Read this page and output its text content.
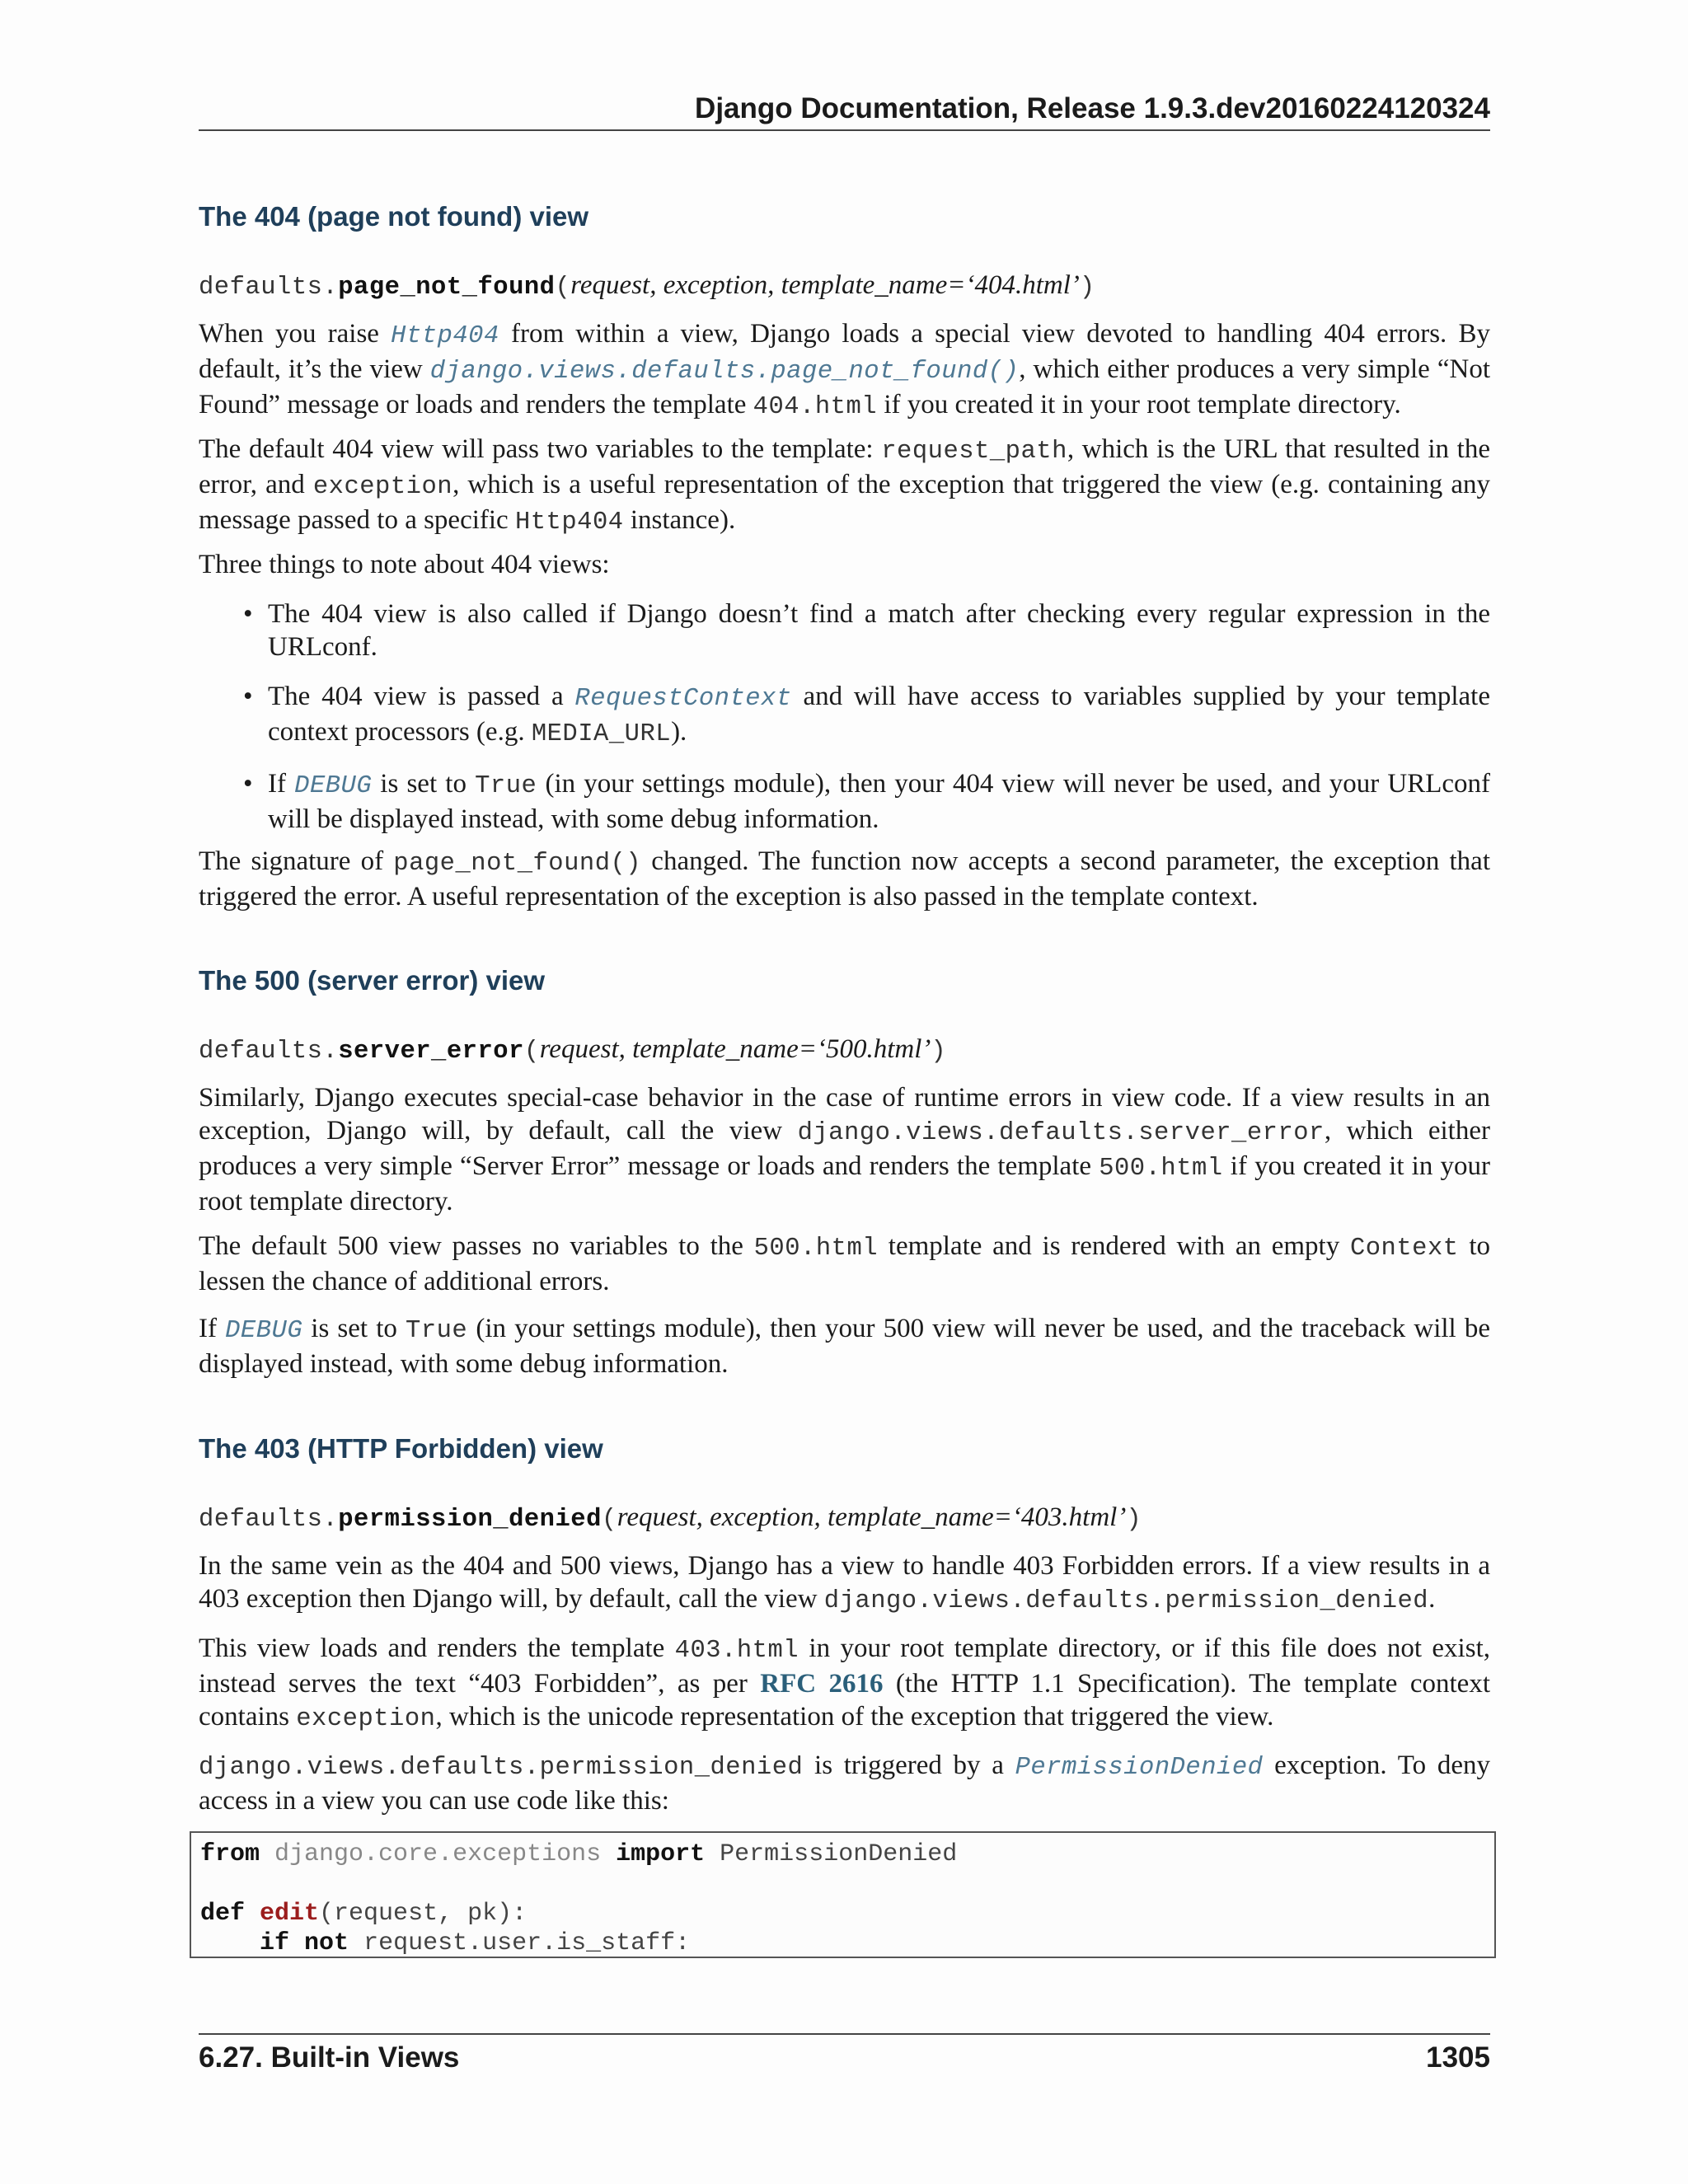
Django Documentation, Release 1.9.3.dev20160224120324
The 404 (page not found) view
defaults.page_not_found(request, exception, template_name=‘404.html’)

When you raise Http404 from within a view, Django loads a special view devoted to handling 404 errors. By default, it’s the view django.views.defaults.page_not_found(), which either produces a very simple “Not Found” message or loads and renders the template 404.html if you created it in your root template directory.

The default 404 view will pass two variables to the template: request_path, which is the URL that resulted in the error, and exception, which is a useful representation of the exception that triggered the view (e.g. containing any message passed to a specific Http404 instance).

Three things to note about 404 views:

• The 404 view is also called if Django doesn’t find a match after checking every regular expression in the URLconf.
• The 404 view is passed a RequestContext and will have access to variables supplied by your template context processors (e.g. MEDIA_URL).
• If DEBUG is set to True (in your settings module), then your 404 view will never be used, and your URLconf will be displayed instead, with some debug information.

The signature of page_not_found() changed. The function now accepts a second parameter, the exception that triggered the error. A useful representation of the exception is also passed in the template context.

The 500 (server error) view
defaults.server_error(request, template_name=‘500.html’)

Similarly, Django executes special-case behavior in the case of runtime errors in view code. If a view results in an exception, Django will, by default, call the view django.views.defaults.server_error, which either produces a very simple “Server Error” message or loads and renders the template 500.html if you created it in your root template directory.

The default 500 view passes no variables to the 500.html template and is rendered with an empty Context to lessen the chance of additional errors.

If DEBUG is set to True (in your settings module), then your 500 view will never be used, and the traceback will be displayed instead, with some debug information.

The 403 (HTTP Forbidden) view
defaults.permission_denied(request, exception, template_name=‘403.html’)

In the same vein as the 404 and 500 views, Django has a view to handle 403 Forbidden errors. If a view results in a 403 exception then Django will, by default, call the view django.views.defaults.permission_denied.

This view loads and renders the template 403.html in your root template directory, or if this file does not exist, instead serves the text “403 Forbidden”, as per RFC 2616 (the HTTP 1.1 Specification). The template context contains exception, which is the unicode representation of the exception that triggered the view.

django.views.defaults.permission_denied is triggered by a PermissionDenied exception. To deny access in a view you can use code like this:

from django.core.exceptions import PermissionDenied

def edit(request, pk):
if not request.user.is_staff:
6.27. Built-in Views	1305
